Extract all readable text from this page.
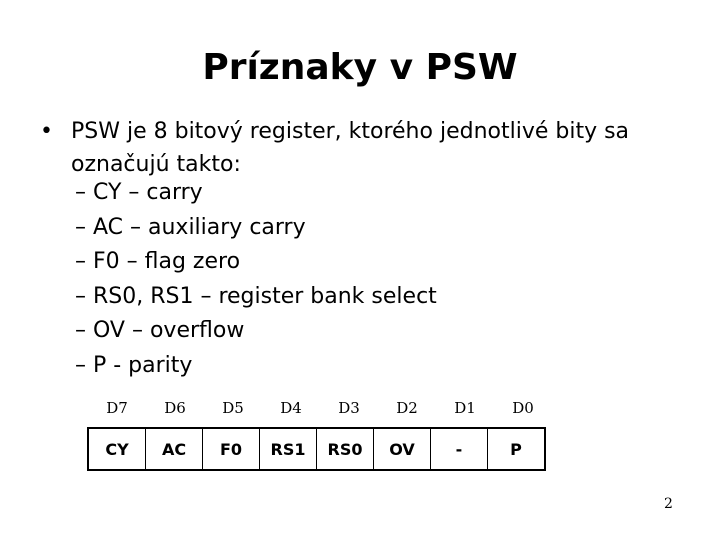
Príznaky v PSW
• PSW je 8 bitový register, ktorého jednotlivé bity sa označujú takto:
– CY – carry
– AC – auxiliary carry
– F0 – flag zero
– RS0, RS1 – register bank select
– OV – overflow
– P - parity
D7	D6	D5	D4	D3	D2	D1	D0
CY	AC	F0	RS1	RS0	OV	-	P
2
